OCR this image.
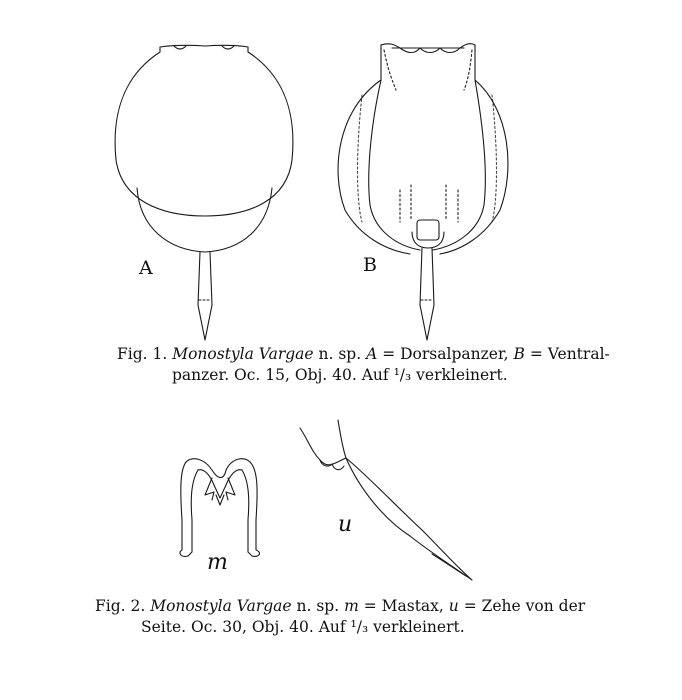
A	B
m
u
Fig. 1. Monostyla Vargae n. sp. A = Dorsalpanzer, B = Ventral-
panzer. Oc. 15, Obj. 40. Auf ¹/₃ verkleinert.
Fig. 2. Monostyla Vargae n. sp. m = Mastax, u = Zehe von der
Seite. Oc. 30, Obj. 40. Auf ¹/₃ verkleinert.
